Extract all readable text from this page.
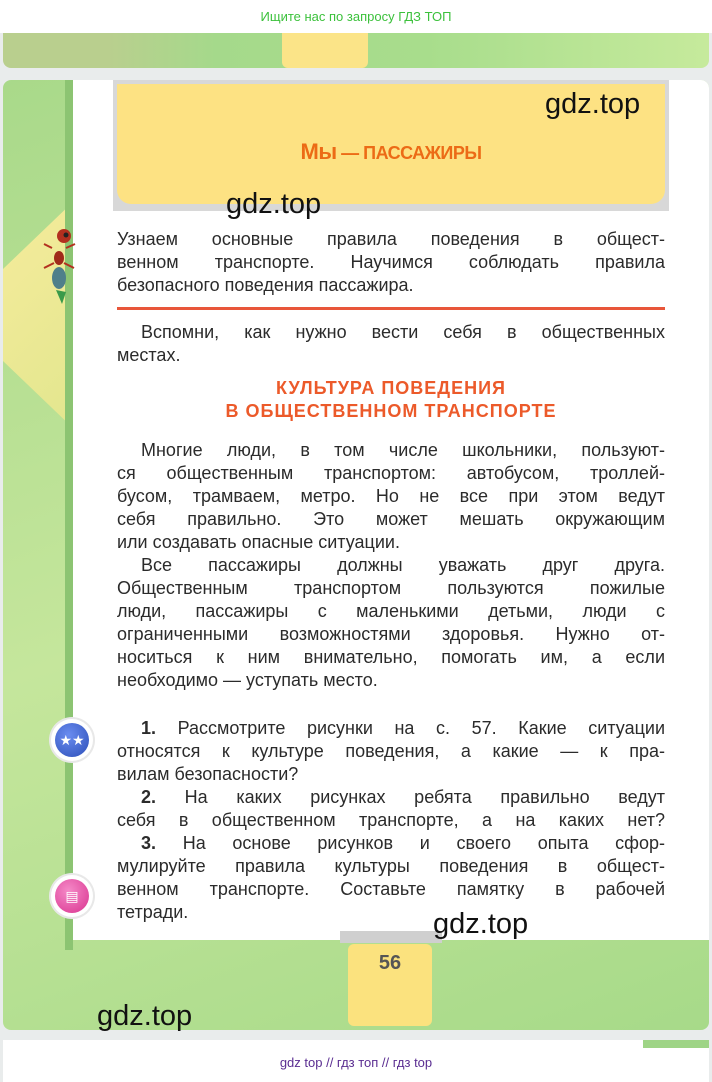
Ищите нас по запросу ГДЗ ТОП
Мы — ПАССАЖИРЫ
gdz.top
gdz.top
Узнаем основные правила поведения в общест-
венном транспорте. Научимся соблюдать правила
безопасного поведения пассажира.
Вспомни, как нужно вести себя в общественных
местах.
КУЛЬТУРА ПОВЕДЕНИЯ
В ОБЩЕСТВЕННОМ ТРАНСПОРТЕ
Многие люди, в том числе школьники, пользуют-
ся общественным транспортом: автобусом, троллей-
бусом, трамваем, метро. Но не все при этом ведут
себя правильно. Это может мешать окружающим
или создавать опасные ситуации.
Все пассажиры должны уважать друг друга.
Общественным транспортом пользуются пожилые
люди, пассажиры с маленькими детьми, люди с
ограниченными возможностями здоровья. Нужно от-
носиться к ним внимательно, помогать им, а если
необходимо — уступать место.
★★
▤
1. Рассмотрите рисунки на с. 57. Какие ситуации
относятся к культуре поведения, а какие — к пра-
вилам безопасности?
2. На каких рисунках ребята правильно ведут
себя в общественном транспорте, а на каких нет?
3. На основе рисунков и своего опыта сфор-
мулируйте правила культуры поведения в общест-
венном транспорте. Составьте памятку в рабочей
тетради.
56
gdz.top
gdz.top
gdz top // гдз топ // гдз top
